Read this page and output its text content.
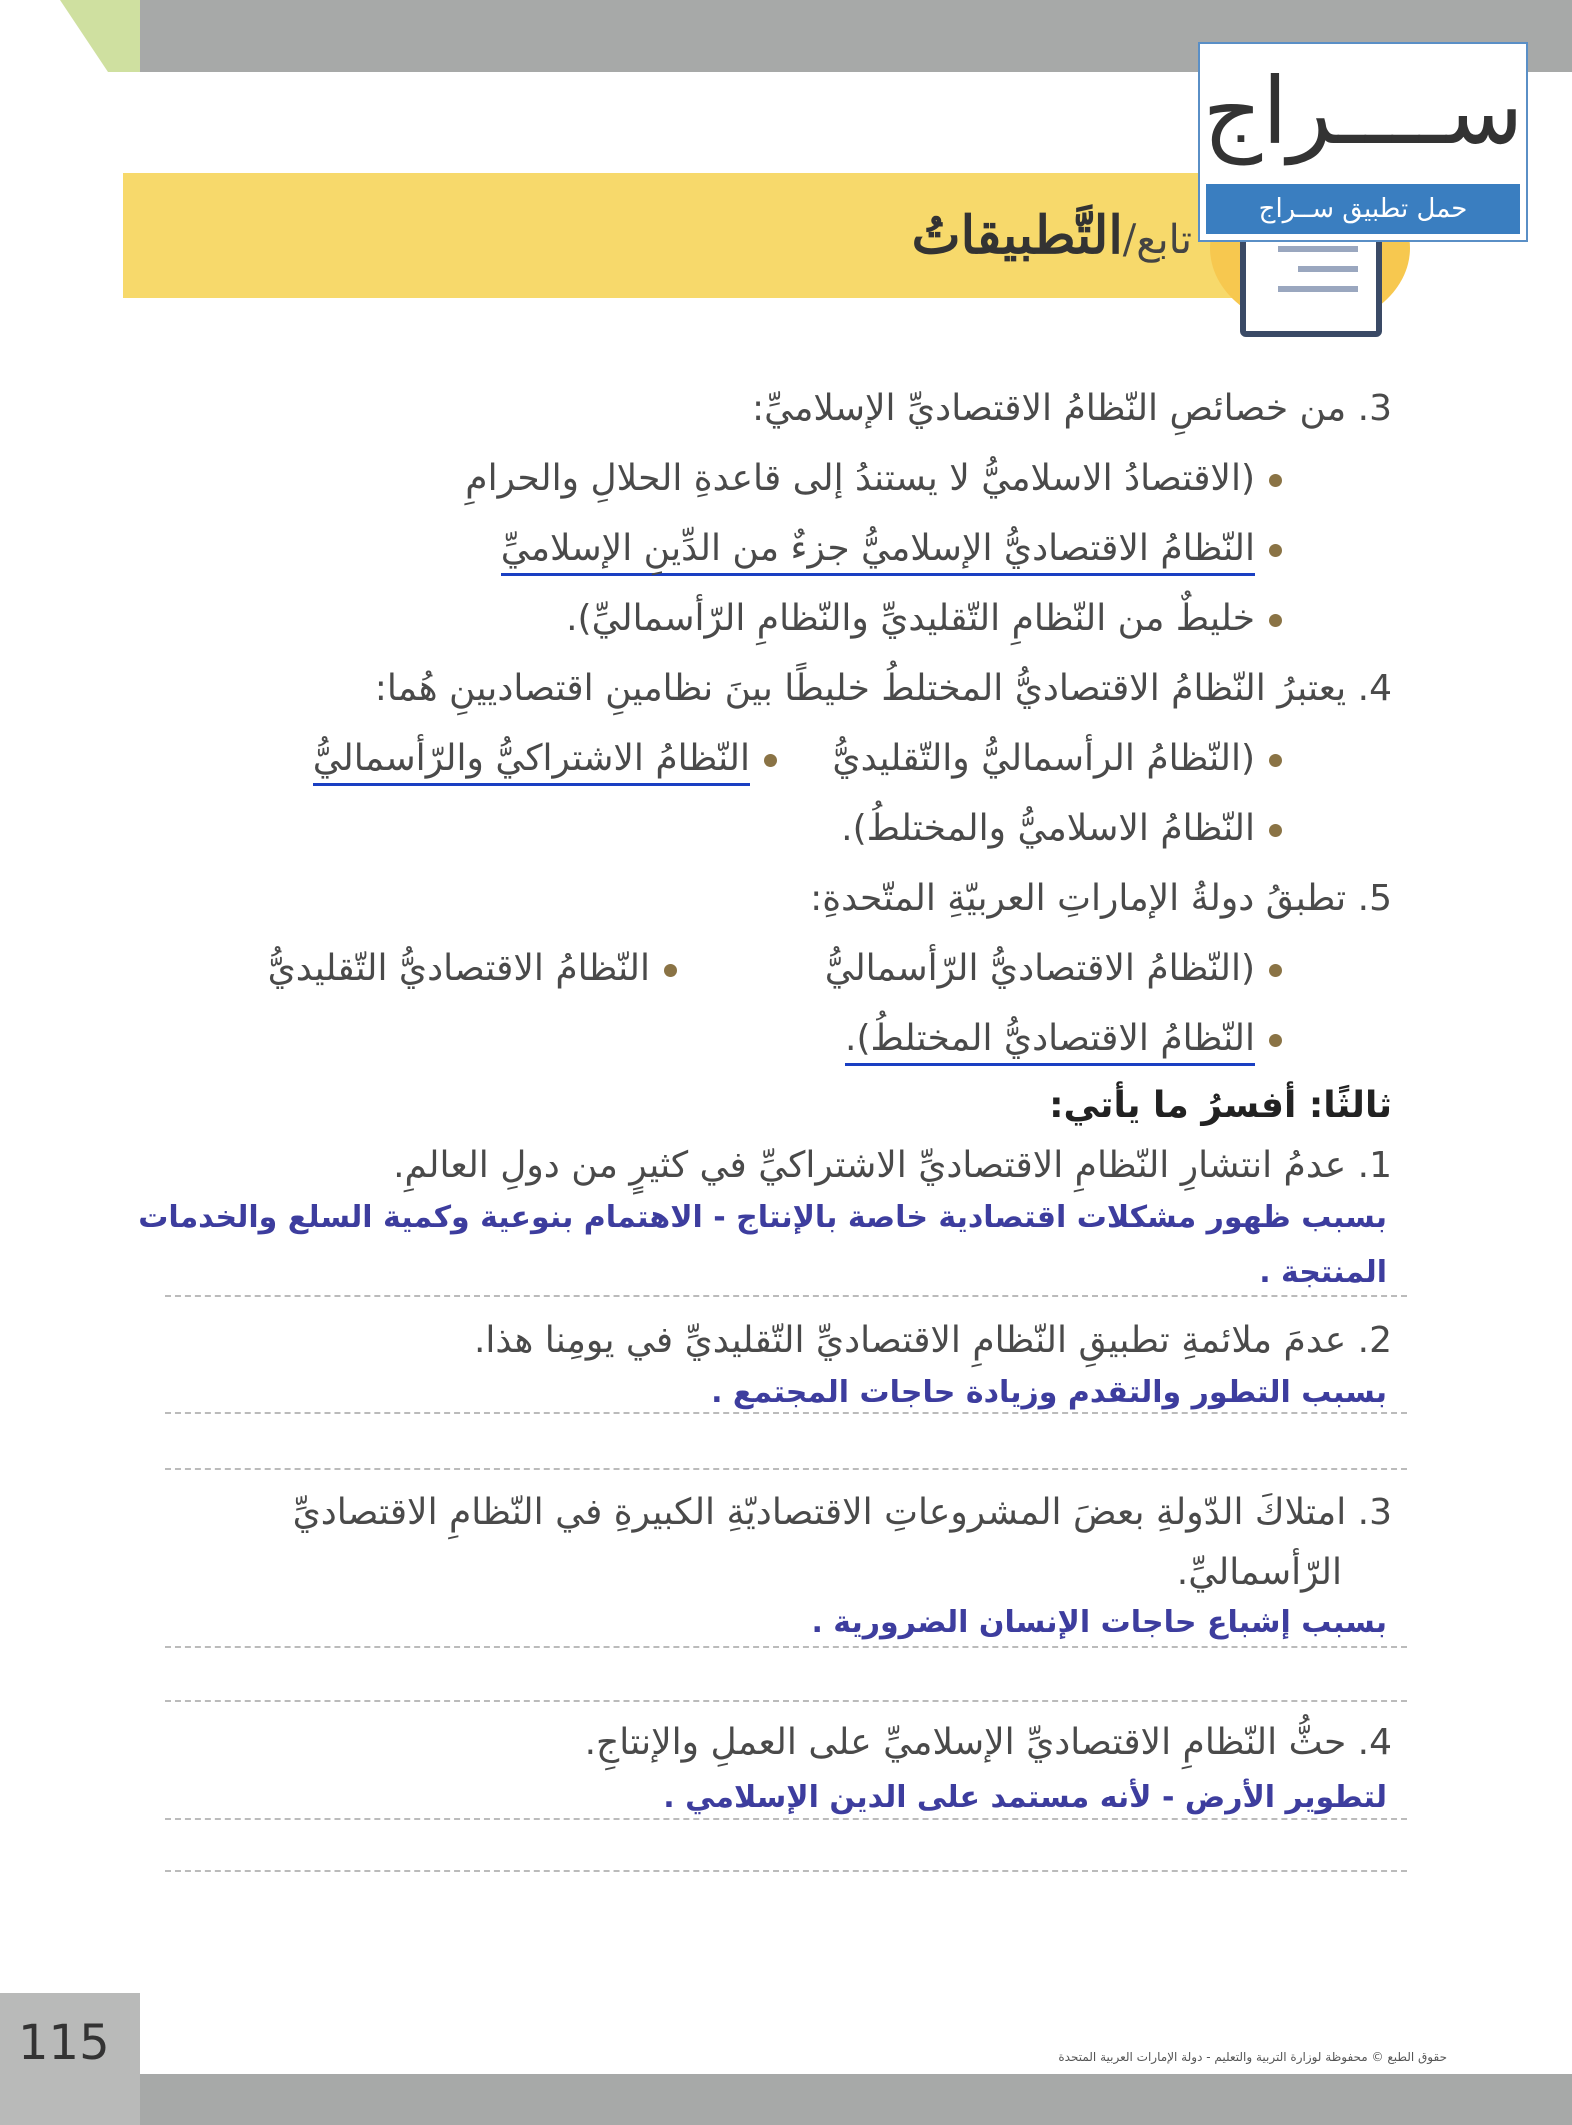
تابع/التَّطبيقاتُ
ســــراج
حمل تطبيق ســراج
3. من خصائصِ النّظامُ الاقتصاديِّ الإسلاميِّ:
(الاقتصادُ الاسلاميُّ لا يستندُ إلى قاعدةِ الحلالِ والحرامِ
النّظامُ الاقتصاديُّ الإسلاميُّ جزءٌ من الدِّينِ الإسلاميِّ
خليطٌ من النّظامِ التّقليديِّ والنّظامِ الرّأسماليِّ).
4. يعتبرُ النّظامُ الاقتصاديُّ المختلطُ خليطًا بينَ نظامينِ اقتصاديينِ هُما:
(النّظامُ الرأسماليُّ والتّقليديُّ
النّظامُ الاشتراكيُّ والرّأسماليُّ
النّظامُ الاسلاميُّ والمختلطُ).
5. تطبقُ دولةُ الإماراتِ العربيّةِ المتّحدةِ:
(النّظامُ الاقتصاديُّ الرّأسماليُّ
النّظامُ الاقتصاديُّ التّقليديُّ
النّظامُ الاقتصاديُّ المختلطُ).
ثالثًا: أفسرُ ما يأتي:
1. عدمُ انتشارِ النّظامِ الاقتصاديِّ الاشتراكيِّ في كثيرٍ من دولِ العالمِ.
بسبب ظهور مشكلات اقتصادية خاصة بالإنتاج - الاهتمام بنوعية وكمية السلع والخدمات
المنتجة .
2. عدمَ ملائمةِ تطبيقِ النّظامِ الاقتصاديِّ التّقليديِّ في يومِنا هذا.
بسبب التطور والتقدم وزيادة حاجات المجتمع .
3. امتلاكَ الدّولةِ بعضَ المشروعاتِ الاقتصاديّةِ الكبيرةِ في النّظامِ الاقتصاديِّ
الرّأسماليِّ.
بسبب إشباع حاجات الإنسان الضرورية .
4. حثُّ النّظامِ الاقتصاديِّ الإسلاميِّ على العملِ والإنتاجِ.
لتطوير الأرض - لأنه مستمد على الدين الإسلامي .
115	حقوق الطبع © محفوظة لوزارة التربية والتعليم - دولة الإمارات العربية المتحدة
